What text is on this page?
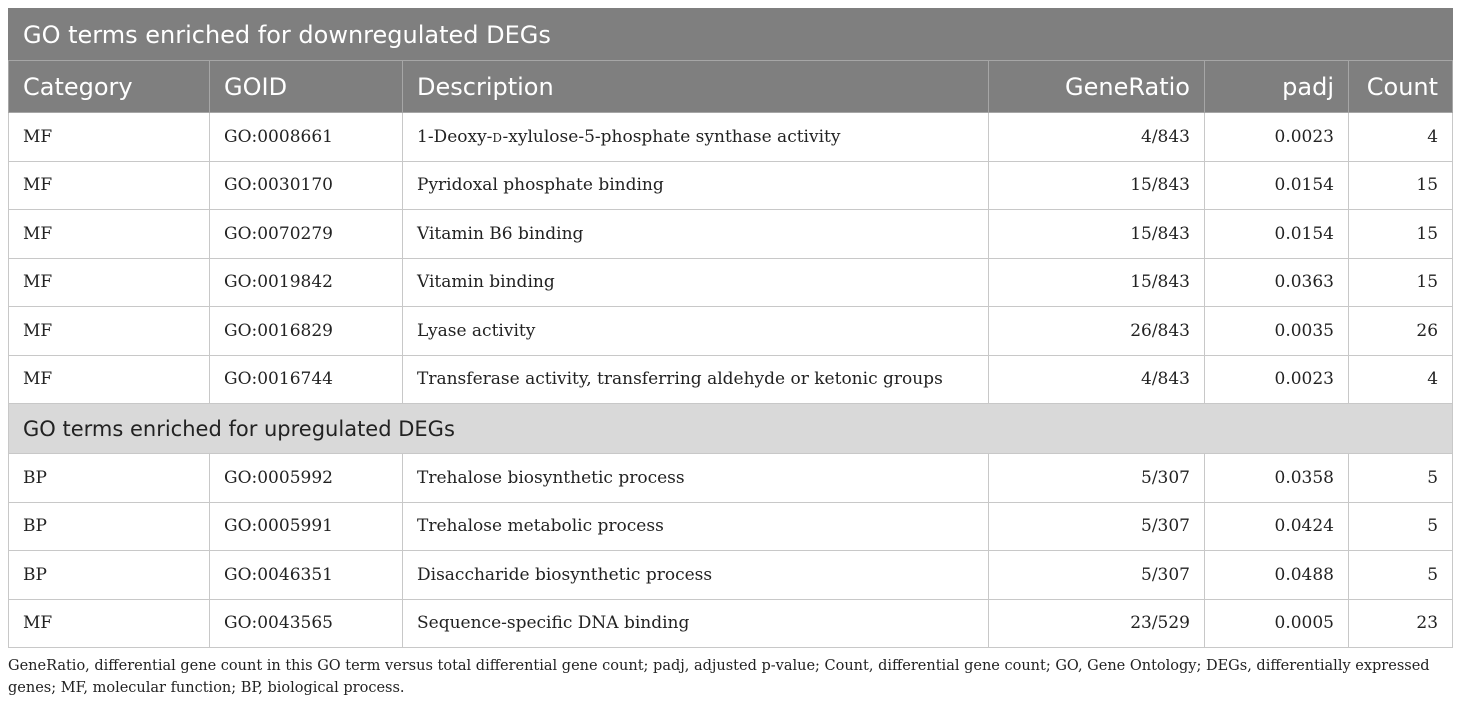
GO terms enriched for downregulated DEGs					
Category	GOID	Description	GeneRatio	padj	Count
MF	GO:0008661	1-Deoxy-D-xylulose-5-phosphate synthase activity	4/843	0.0023	4
MF	GO:0030170	Pyridoxal phosphate binding	15/843	0.0154	15
MF	GO:0070279	Vitamin B6 binding	15/843	0.0154	15
MF	GO:0019842	Vitamin binding	15/843	0.0363	15
MF	GO:0016829	Lyase activity	26/843	0.0035	26
MF	GO:0016744	Transferase activity, transferring aldehyde or ketonic groups	4/843	0.0023	4
GO terms enriched for upregulated DEGs					
BP	GO:0005992	Trehalose biosynthetic process	5/307	0.0358	5
BP	GO:0005991	Trehalose metabolic process	5/307	0.0424	5
BP	GO:0046351	Disaccharide biosynthetic process	5/307	0.0488	5
MF	GO:0043565	Sequence-specific DNA binding	23/529	0.0005	23
GeneRatio, differential gene count in this GO term versus total differential gene count; padj, adjusted p-value; Count, differential gene count; GO, Gene Ontology; DEGs, differentially expressed genes; MF, molecular function; BP, biological process.
